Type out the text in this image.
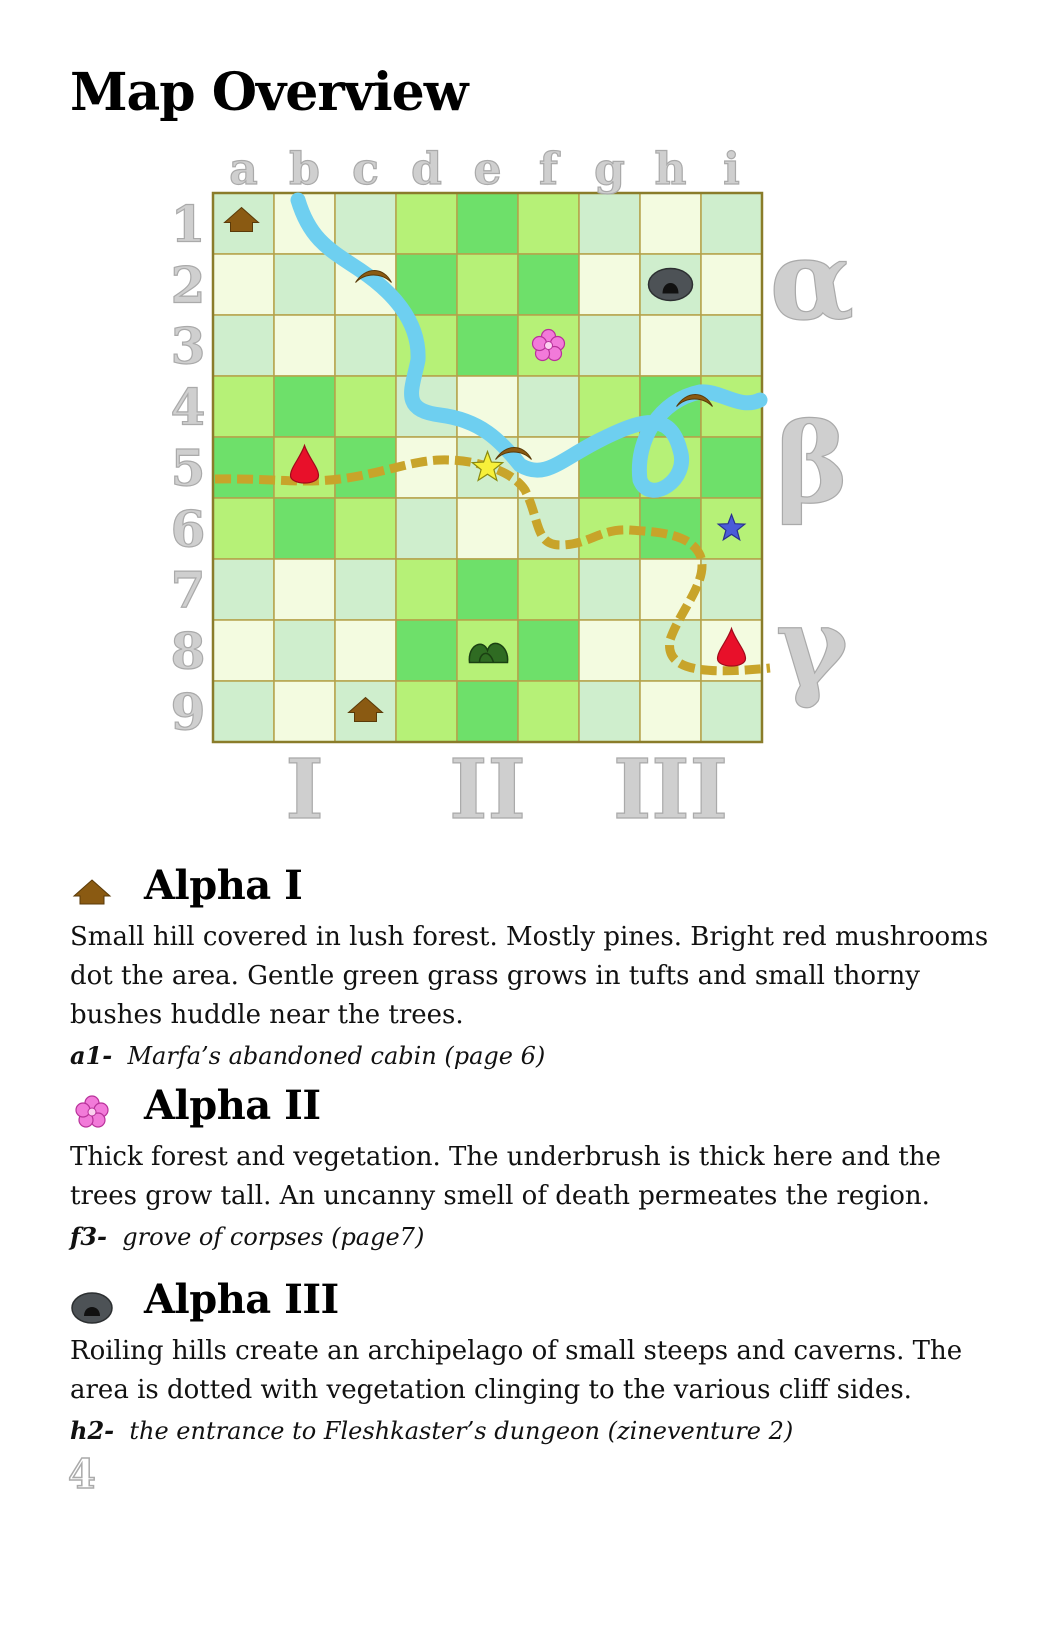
Map Overview
a b c d e f g h i
1
2
3
4
5
6
7
8
9
I II III
α
β
γ
Alpha I

Small hill covered in lush forest. Mostly pines. Bright red mushrooms dot the area. Gentle green grass grows in tufts and small thorny bushes huddle near the trees.

a1- Marfa’s abandoned cabin (page 6)

Alpha II

Thick forest and vegetation. The underbrush is thick here and the trees grow tall. An uncanny smell of death permeates the region.

f3- grove of corpses (page7)

Alpha III

Roiling hills create an archipelago of small steeps and caverns. The area is dotted with vegetation clinging to the various cliff sides.

h2- the entrance to Fleshkaster’s dungeon (zineventure 2)

4
